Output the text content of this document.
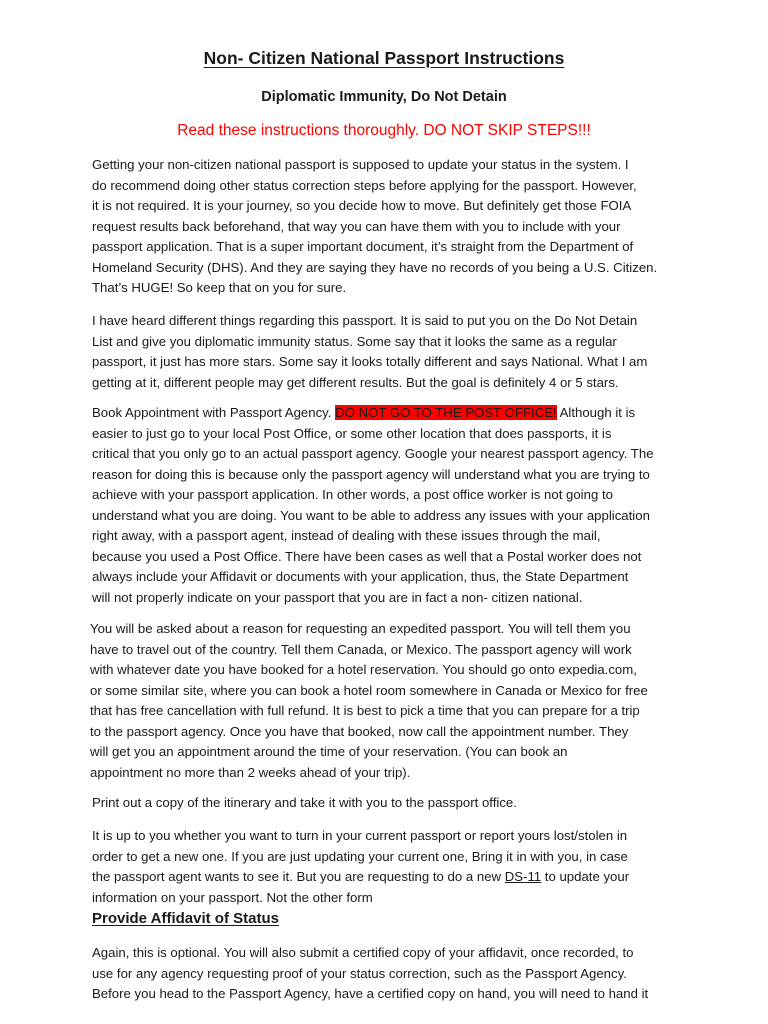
Non- Citizen National Passport Instructions
Diplomatic Immunity, Do Not Detain
Read these instructions thoroughly. DO NOT SKIP STEPS!!!
Getting your non-citizen national passport is supposed to update your status in the system. I
do recommend doing other status correction steps before applying for the passport. However,
it is not required. It is your journey, so you decide how to move. But definitely get those FOIA
request results back beforehand, that way you can have them with you to include with your
passport application. That is a super important document, it’s straight from the Department of
Homeland Security (DHS). And they are saying they have no records of you being a U.S. Citizen.
That’s HUGE! So keep that on you for sure.
I have heard different things regarding this passport. It is said to put you on the Do Not Detain
List and give you diplomatic immunity status. Some say that it looks the same as a regular
passport, it just has more stars. Some say it looks totally different and says National. What I am
getting at it, different people may get different results. But the goal is definitely 4 or 5 stars.
Book Appointment with Passport Agency. DO NOT GO TO THE POST OFFICE! Although it is
easier to just go to your local Post Office, or some other location that does passports, it is
critical that you only go to an actual passport agency. Google your nearest passport agency. The
reason for doing this is because only the passport agency will understand what you are trying to
achieve with your passport application. In other words, a post office worker is not going to
understand what you are doing. You want to be able to address any issues with your application
right away, with a passport agent, instead of dealing with these issues through the mail,
because you used a Post Office. There have been cases as well that a Postal worker does not
always include your Affidavit or documents with your application, thus, the State Department
will not properly indicate on your passport that you are in fact a non- citizen national.
You will be asked about a reason for requesting an expedited passport. You will tell them you
have to travel out of the country. Tell them Canada, or Mexico. The passport agency will work
with whatever date you have booked for a hotel reservation. You should go onto expedia.com,
or some similar site, where you can book a hotel room somewhere in Canada or Mexico for free
that has free cancellation with full refund. It is best to pick a time that you can prepare for a trip
to the passport agency. Once you have that booked, now call the appointment number. They
will get you an appointment around the time of your reservation. (You can book an
appointment no more than 2 weeks ahead of your trip).
Print out a copy of the itinerary and take it with you to the passport office.
It is up to you whether you want to turn in your current passport or report yours lost/stolen in
order to get a new one. If you are just updating your current one, Bring it in with you, in case
the passport agent wants to see it. But you are requesting to do a new DS-11 to update your
information on your passport. Not the other form
Provide Affidavit of Status
Again, this is optional. You will also submit a certified copy of your affidavit, once recorded, to
use for any agency requesting proof of your status correction, such as the Passport Agency.
Before you head to the Passport Agency, have a certified copy on hand, you will need to hand it
